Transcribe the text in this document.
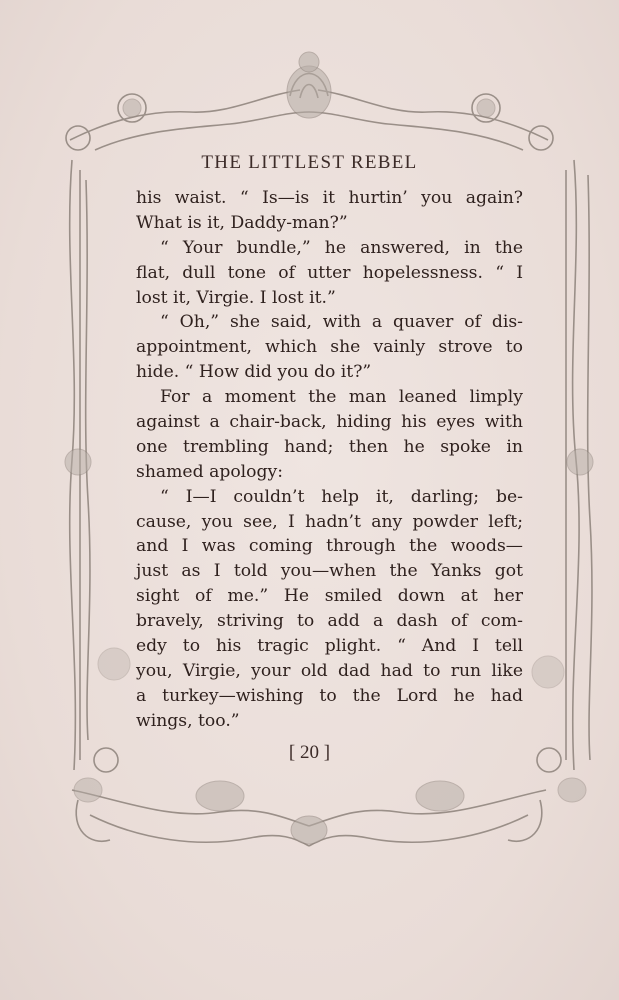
THE LITTLEST REBEL
his waist. “ Is—is it hurtin’ you again?
What is it, Daddy-man?”
“ Your bundle,” he answered, in the
flat, dull tone of utter hopelessness. “ I
lost it, Virgie. I lost it.”
“ Oh,” she said, with a quaver of dis-
appointment, which she vainly strove to
hide. “ How did you do it?”
For a moment the man leaned limply
against a chair-back, hiding his eyes with
one trembling hand; then he spoke in
shamed apology:
“ I—I couldn’t help it, darling; be-
cause, you see, I hadn’t any powder left;
and I was coming through the woods—
just as I told you—when the Yanks got
sight of me.” He smiled down at her
bravely, striving to add a dash of com-
edy to his tragic plight. “ And I tell
you, Virgie, your old dad had to run like
a turkey—wishing to the Lord he had
wings, too.”
[ 20 ]
